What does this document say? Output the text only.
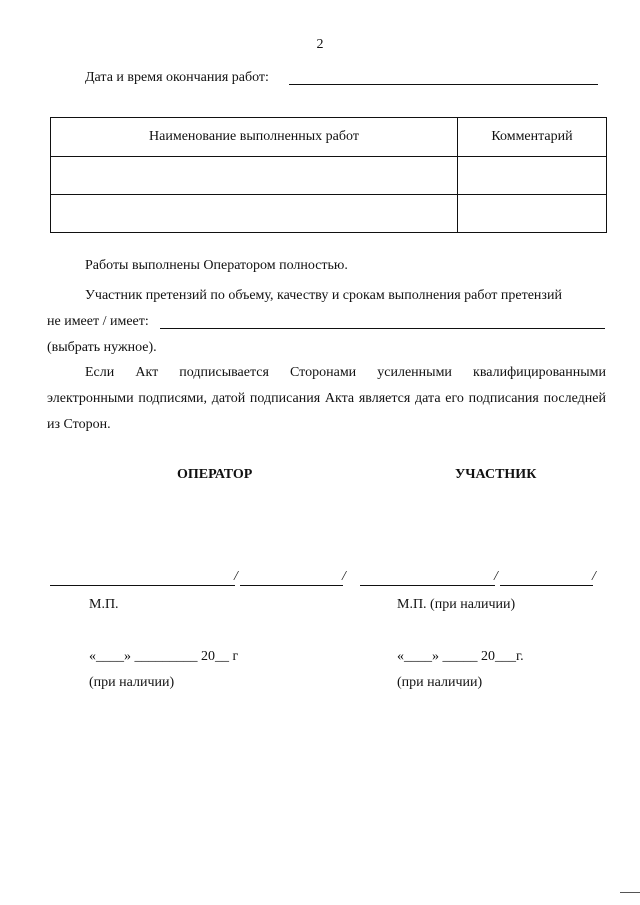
2
Дата и время окончания работ:
Наименование выполненных работ	Комментарий

Работы выполнены Оператором полностью.
Участник претензий по объему, качеству и срокам выполнения работ претензий
не имеет / имеет:
(выбрать нужное).
Если Акт подписывается Сторонами усиленными квалифицированными электронными подписями, датой подписания Акта является дата его подписания последней из Сторон.
ОПЕРАТОР	УЧАСТНИК
/	/	/	/
М.П.	М.П. (при наличии)
«____» _________ 20__ г	«____» _____ 20___г.
(при наличии)	(при наличии)
